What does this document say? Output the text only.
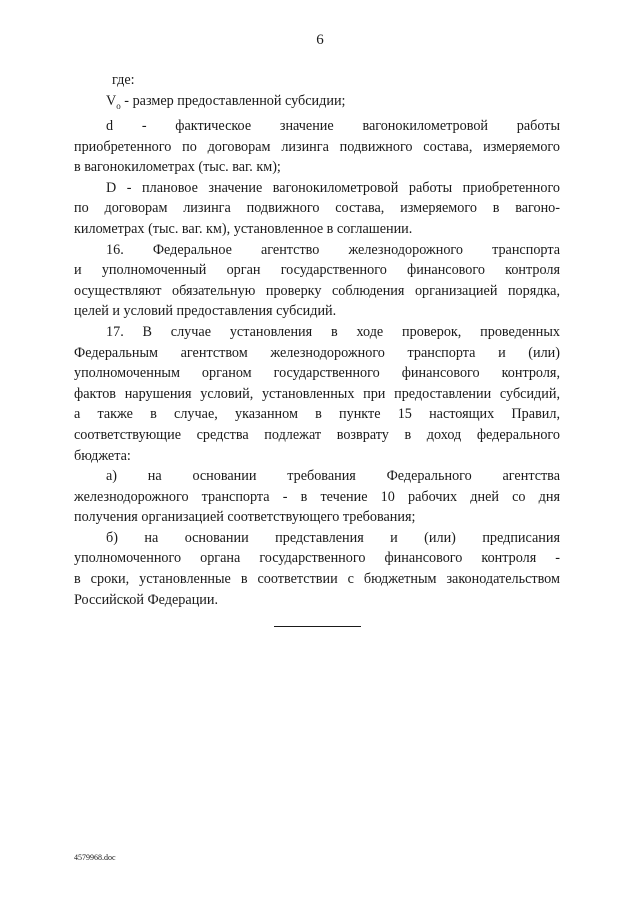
6
где:
$V_o$ - размер предоставленной субсидии;
d - фактическое значение вагонокилометровой работы
приобретенного по договорам лизинга подвижного состава, измеряемого
в вагонокилометрах (тыс. ваг. км);
D - плановое значение вагонокилометровой работы приобретенного
по договорам лизинга подвижного состава, измеряемого в вагоно-
километрах (тыс. ваг. км), установленное в соглашении.
16. Федеральное агентство железнодорожного транспорта
и уполномоченный орган государственного финансового контроля
осуществляют обязательную проверку соблюдения организацией порядка,
целей и условий предоставления субсидий.
17. В случае установления в ходе проверок, проведенных
Федеральным агентством железнодорожного транспорта и (или)
уполномоченным органом государственного финансового контроля,
фактов нарушения условий, установленных при предоставлении субсидий,
а также в случае, указанном в пункте 15 настоящих Правил,
соответствующие средства подлежат возврату в доход федерального
бюджета:
а) на основании требования Федерального агентства
железнодорожного транспорта - в течение 10 рабочих дней со дня
получения организацией соответствующего требования;
б) на основании представления и (или) предписания
уполномоченного органа государственного финансового контроля -
в сроки, установленные в соответствии с бюджетным законодательством
Российской Федерации.
4579968.doc
